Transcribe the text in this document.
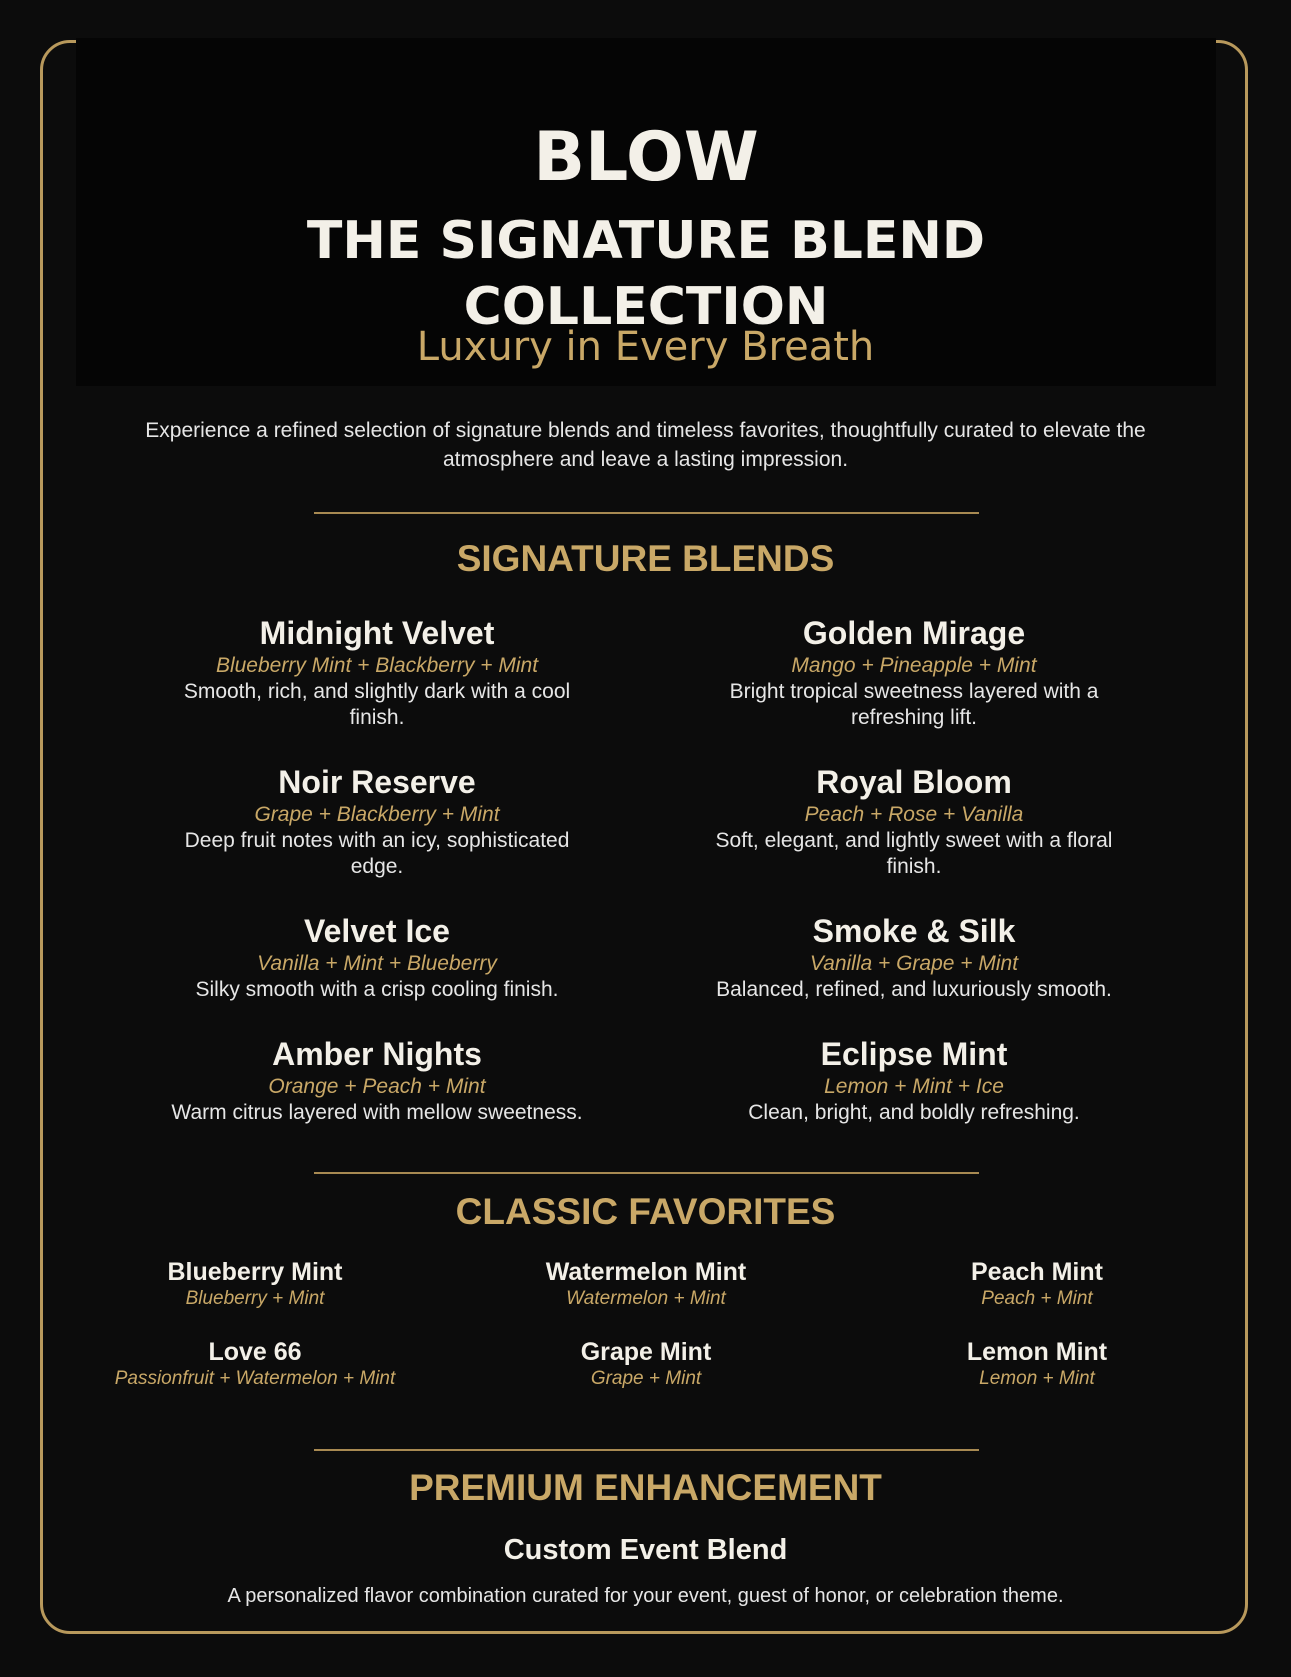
BLOW
THE SIGNATURE BLEND
COLLECTION

Luxury in Every Breath

Experience a refined selection of signature blends and timeless favorites, thoughtfully curated to elevate the atmosphere and leave a lasting impression.

SIGNATURE BLENDS
Midnight Velvet
Blueberry Mint + Blackberry + Mint
Smooth, rich, and slightly dark with a cool finish.
Golden Mirage
Mango + Pineapple + Mint
Bright tropical sweetness layered with a refreshing lift.
Noir Reserve
Grape + Blackberry + Mint
Deep fruit notes with an icy, sophisticated edge.
Royal Bloom
Peach + Rose + Vanilla
Soft, elegant, and lightly sweet with a floral finish.
Velvet Ice
Vanilla + Mint + Blueberry
Silky smooth with a crisp cooling finish.
Smoke & Silk
Vanilla + Grape + Mint
Balanced, refined, and luxuriously smooth.
Amber Nights
Orange + Peach + Mint
Warm citrus layered with mellow sweetness.
Eclipse Mint
Lemon + Mint + Ice
Clean, bright, and boldly refreshing.
CLASSIC FAVORITES
Blueberry Mint
Blueberry + Mint
Watermelon Mint
Watermelon + Mint
Peach Mint
Peach + Mint
Love 66
Passionfruit + Watermelon + Mint
Grape Mint
Grape + Mint
Lemon Mint
Lemon + Mint
PREMIUM ENHANCEMENT
Custom Event Blend
A personalized flavor combination curated for your event, guest of honor, or celebration theme.
